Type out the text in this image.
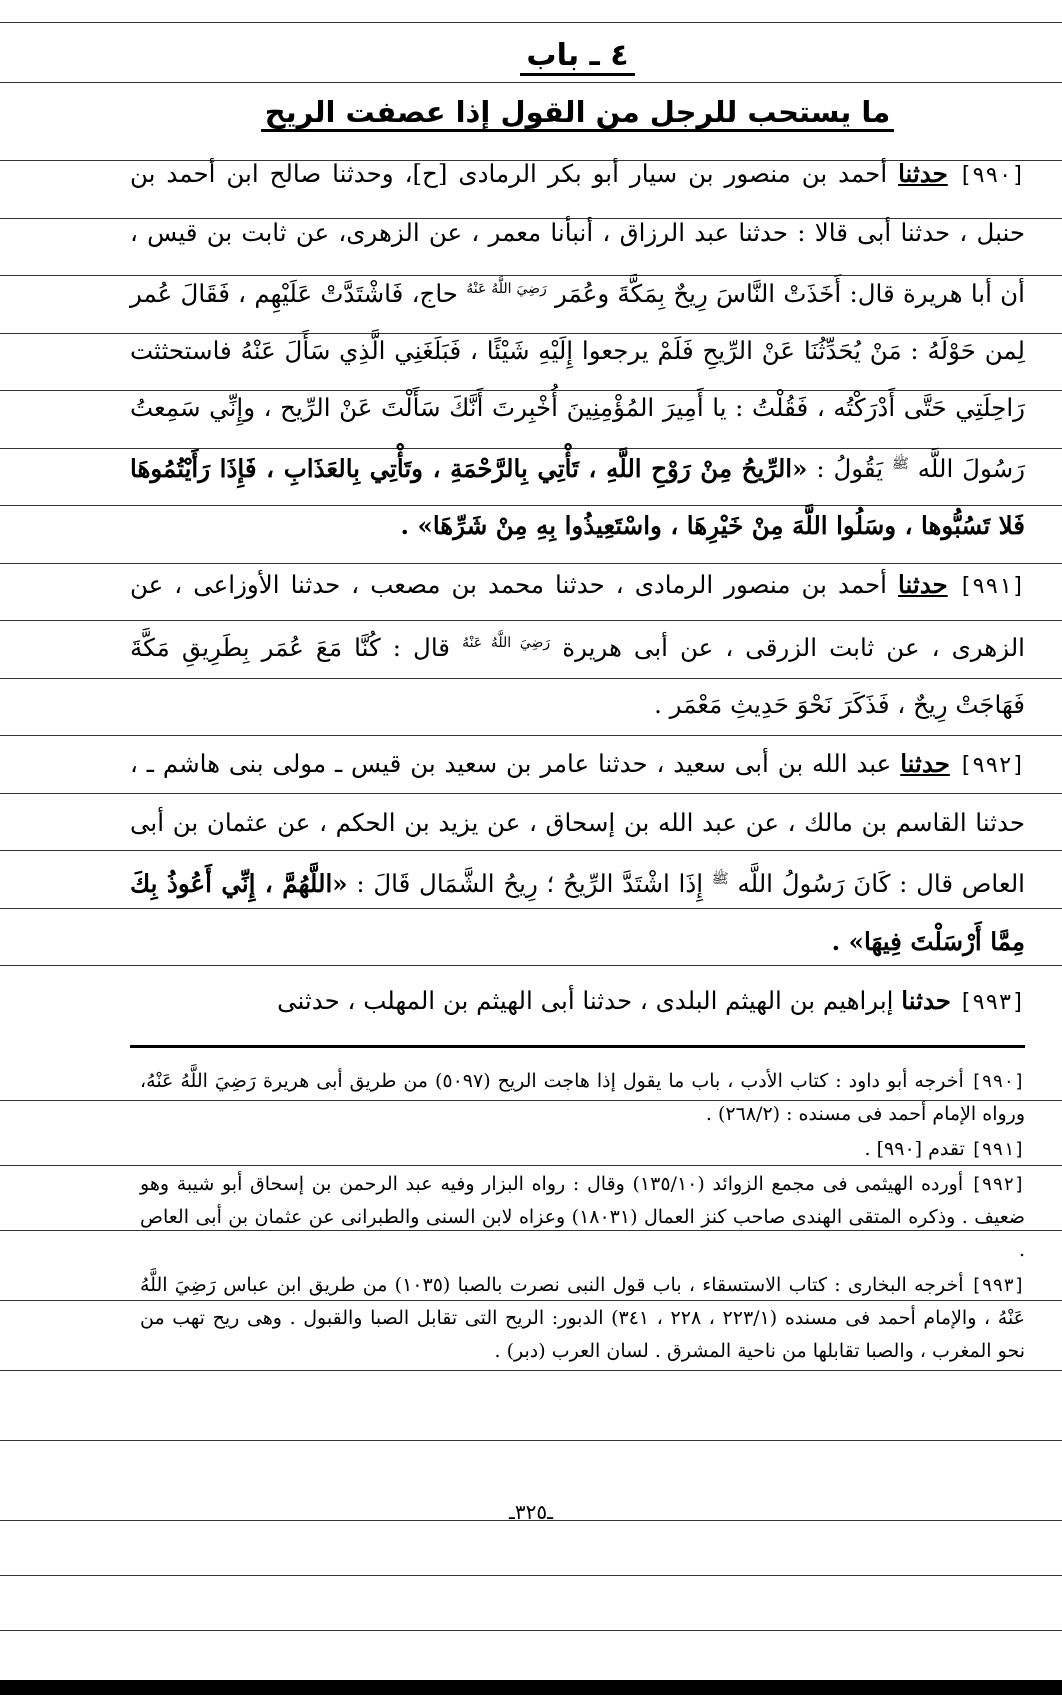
٤ ـ باب
ما يستحب للرجل من القول إذا عصفت الريح

[٩٩٠] حدثنا أحمد بن منصور بن سيار أبو بكر الرمادى [ح]، وحدثنا صالح ابن أحمد بن حنبل ، حدثنا أبى قالا : حدثنا عبد الرزاق ، أنبأنا معمر ، عن الزهرى، عن ثابت بن قيس ، أن أبا هريرة قال: أَخَذَتْ النَّاسَ رِيحٌ بِمَكَّةَ وعُمَر $^{رَضِيَ اللَّهُ عَنْهُ}$ حاج، فَاشْتَدَّتْ عَلَيْهِم ، فَقَالَ عُمر لِمن حَوْلَهُ : مَنْ يُحَدِّثُنَا عَنْ الرِّيحِ فَلَمْ يرجعوا إِلَيْهِ شَيْئًا ، فَبَلَغَنِي الَّذِي سَأَلَ عَنْهُ فاستحثثت رَاحِلَتِي حَتَّى أَدْرَكْتُه ، فَقُلْتُ : يا أَمِيرَ المُؤْمِنِينَ أُخْبِرتَ أَنَّكَ سَأَلْتَ عَنْ الرِّيح ، وإِنِّي سَمِعتُ رَسُولَ اللَّه $^ﷺ$ يَقُولُ : «الرِّيحُ مِنْ رَوْحِ اللَّهِ ، تَأْتِي بِالرَّحْمَةِ ، وتَأْتِي بِالعَذَابِ ، فَإِذَا رَأَيْتُمُوهَا فَلا تَسُبُّوها ، وسَلُوا اللَّهَ مِنْ خَيْرِهَا ، واسْتَعِيذُوا بِهِ مِنْ شَرِّهَا» .

[٩٩١] حدثنا أحمد بن منصور الرمادى ، حدثنا محمد بن مصعب ، حدثنا الأوزاعى ، عن الزهرى ، عن ثابت الزرقى ، عن أبى هريرة $^{رَضِيَ اللَّهُ عَنْهُ}$ قال : كُنَّا مَعَ عُمَر بِطَرِيقِ مَكَّةَ فَهَاجَتْ رِيحٌ ، فَذَكَرَ نَحْوَ حَدِيثِ مَعْمَر .

[٩٩٢] حدثنا عبد الله بن أبى سعيد ، حدثنا عامر بن سعيد بن قيس ـ مولى بنى هاشم ـ ، حدثنا القاسم بن مالك ، عن عبد الله بن إسحاق ، عن يزيد بن الحكم ، عن عثمان بن أبى العاص قال : كَانَ رَسُولُ اللَّه $^ﷺ$ إِذَا اشْتَدَّ الرِّيحُ ؛ رِيحُ الشَّمَال قَالَ : «اللَّهُمَّ ، إِنِّي أَعُوذُ بِكَ مِمَّا أَرْسَلْتَ فِيهَا» .

[٩٩٣] حدثنا إبراهيم بن الهيثم البلدى ، حدثنا أبى الهيثم بن المهلب ، حدثنى

[٩٩٠] أخرجه أبو داود : كتاب الأدب ، باب ما يقول إذا هاجت الريح (٥٠٩٧) من طريق أبى هريرة رَضِيَ اللَّهُ عَنْهُ، ورواه الإمام أحمد فى مسنده : (٢٦٨/٢) .

[٩٩١] تقدم [٩٩٠] .

[٩٩٢] أورده الهيثمى فى مجمع الزوائد (١٣٥/١٠) وقال : رواه البزار وفيه عبد الرحمن بن إسحاق أبو شيبة وهو ضعيف . وذكره المتقى الهندى صاحب كنز العمال (١٨٠٣١) وعزاه لابن السنى والطبرانى عن عثمان بن أبى العاص .

[٩٩٣] أخرجه البخارى : كتاب الاستسقاء ، باب قول النبى نصرت بالصبا (١٠٣٥) من طريق ابن عباس رَضِيَ اللَّهُ عَنْهُ ، والإمام أحمد فى مسنده (٢٢٣/١ ، ٢٢٨ ، ٣٤١) الدبور: الريح التى تقابل الصبا والقبول . وهى ريح تهب من نحو المغرب ، والصبا تقابلها من ناحية المشرق . لسان العرب (دبر) .

ـ٣٢٥ـ
